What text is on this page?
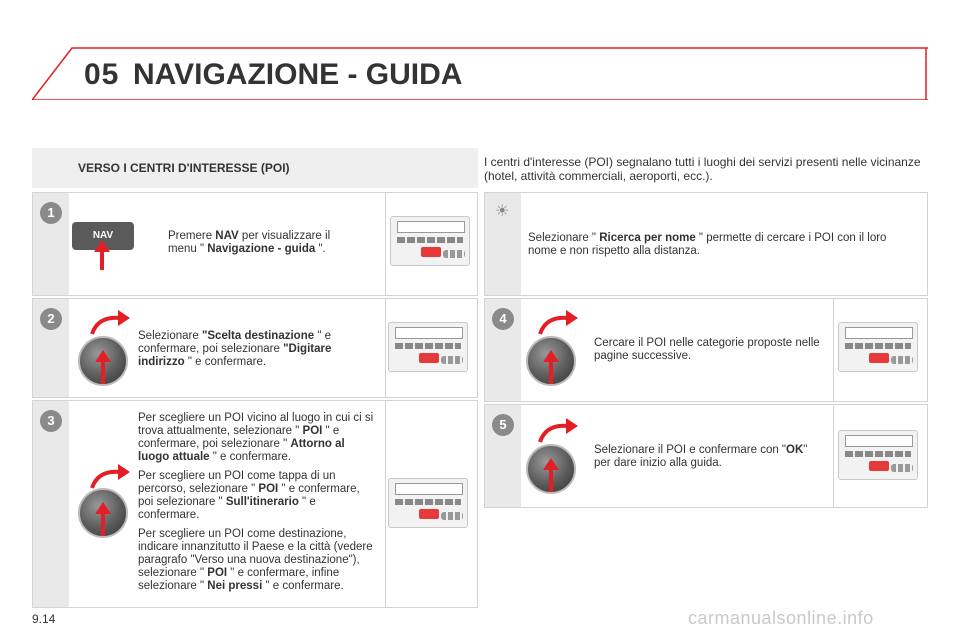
05 NAVIGAZIONE - GUIDA
VERSO I CENTRI D'INTERESSE (POI)	I centri d'interesse (POI) segnalano tutti i luoghi dei servizi presenti nelle vicinanze (hotel, attività commerciali, aeroporti, ecc.).
1
NAV	Premere NAV per visualizzare il menu " Navigazione - guida ".
2
Selezionare "Scelta destinazione " e confermare, poi selezionare "Digitare indirizzo " e confermare.
3	Per scegliere un POI vicino al luogo in cui ci si trova attualmente, selezionare " POI " e confermare, poi selezionare " Attorno al luogo attuale " e confermare.

Per scegliere un POI come tappa di un percorso, selezionare " POI " e confermare, poi selezionare " Sull'itinerario " e confermare.

Per scegliere un POI come destinazione, indicare innanzitutto il Paese e la città (vedere paragrafo "Verso una nuova destinazione"), selezionare " POI " e confermare, infine selezionare " Nei pressi " e confermare.

☀
Selezionare " Ricerca per nome " permette di cercare i POI con il loro nome e non rispetto alla distanza.
4
Cercare il POI nelle categorie proposte nelle pagine successive.
5
Selezionare il POI e confermare con "OK" per dare inizio alla guida.
9.14	carmanualsonline.info
